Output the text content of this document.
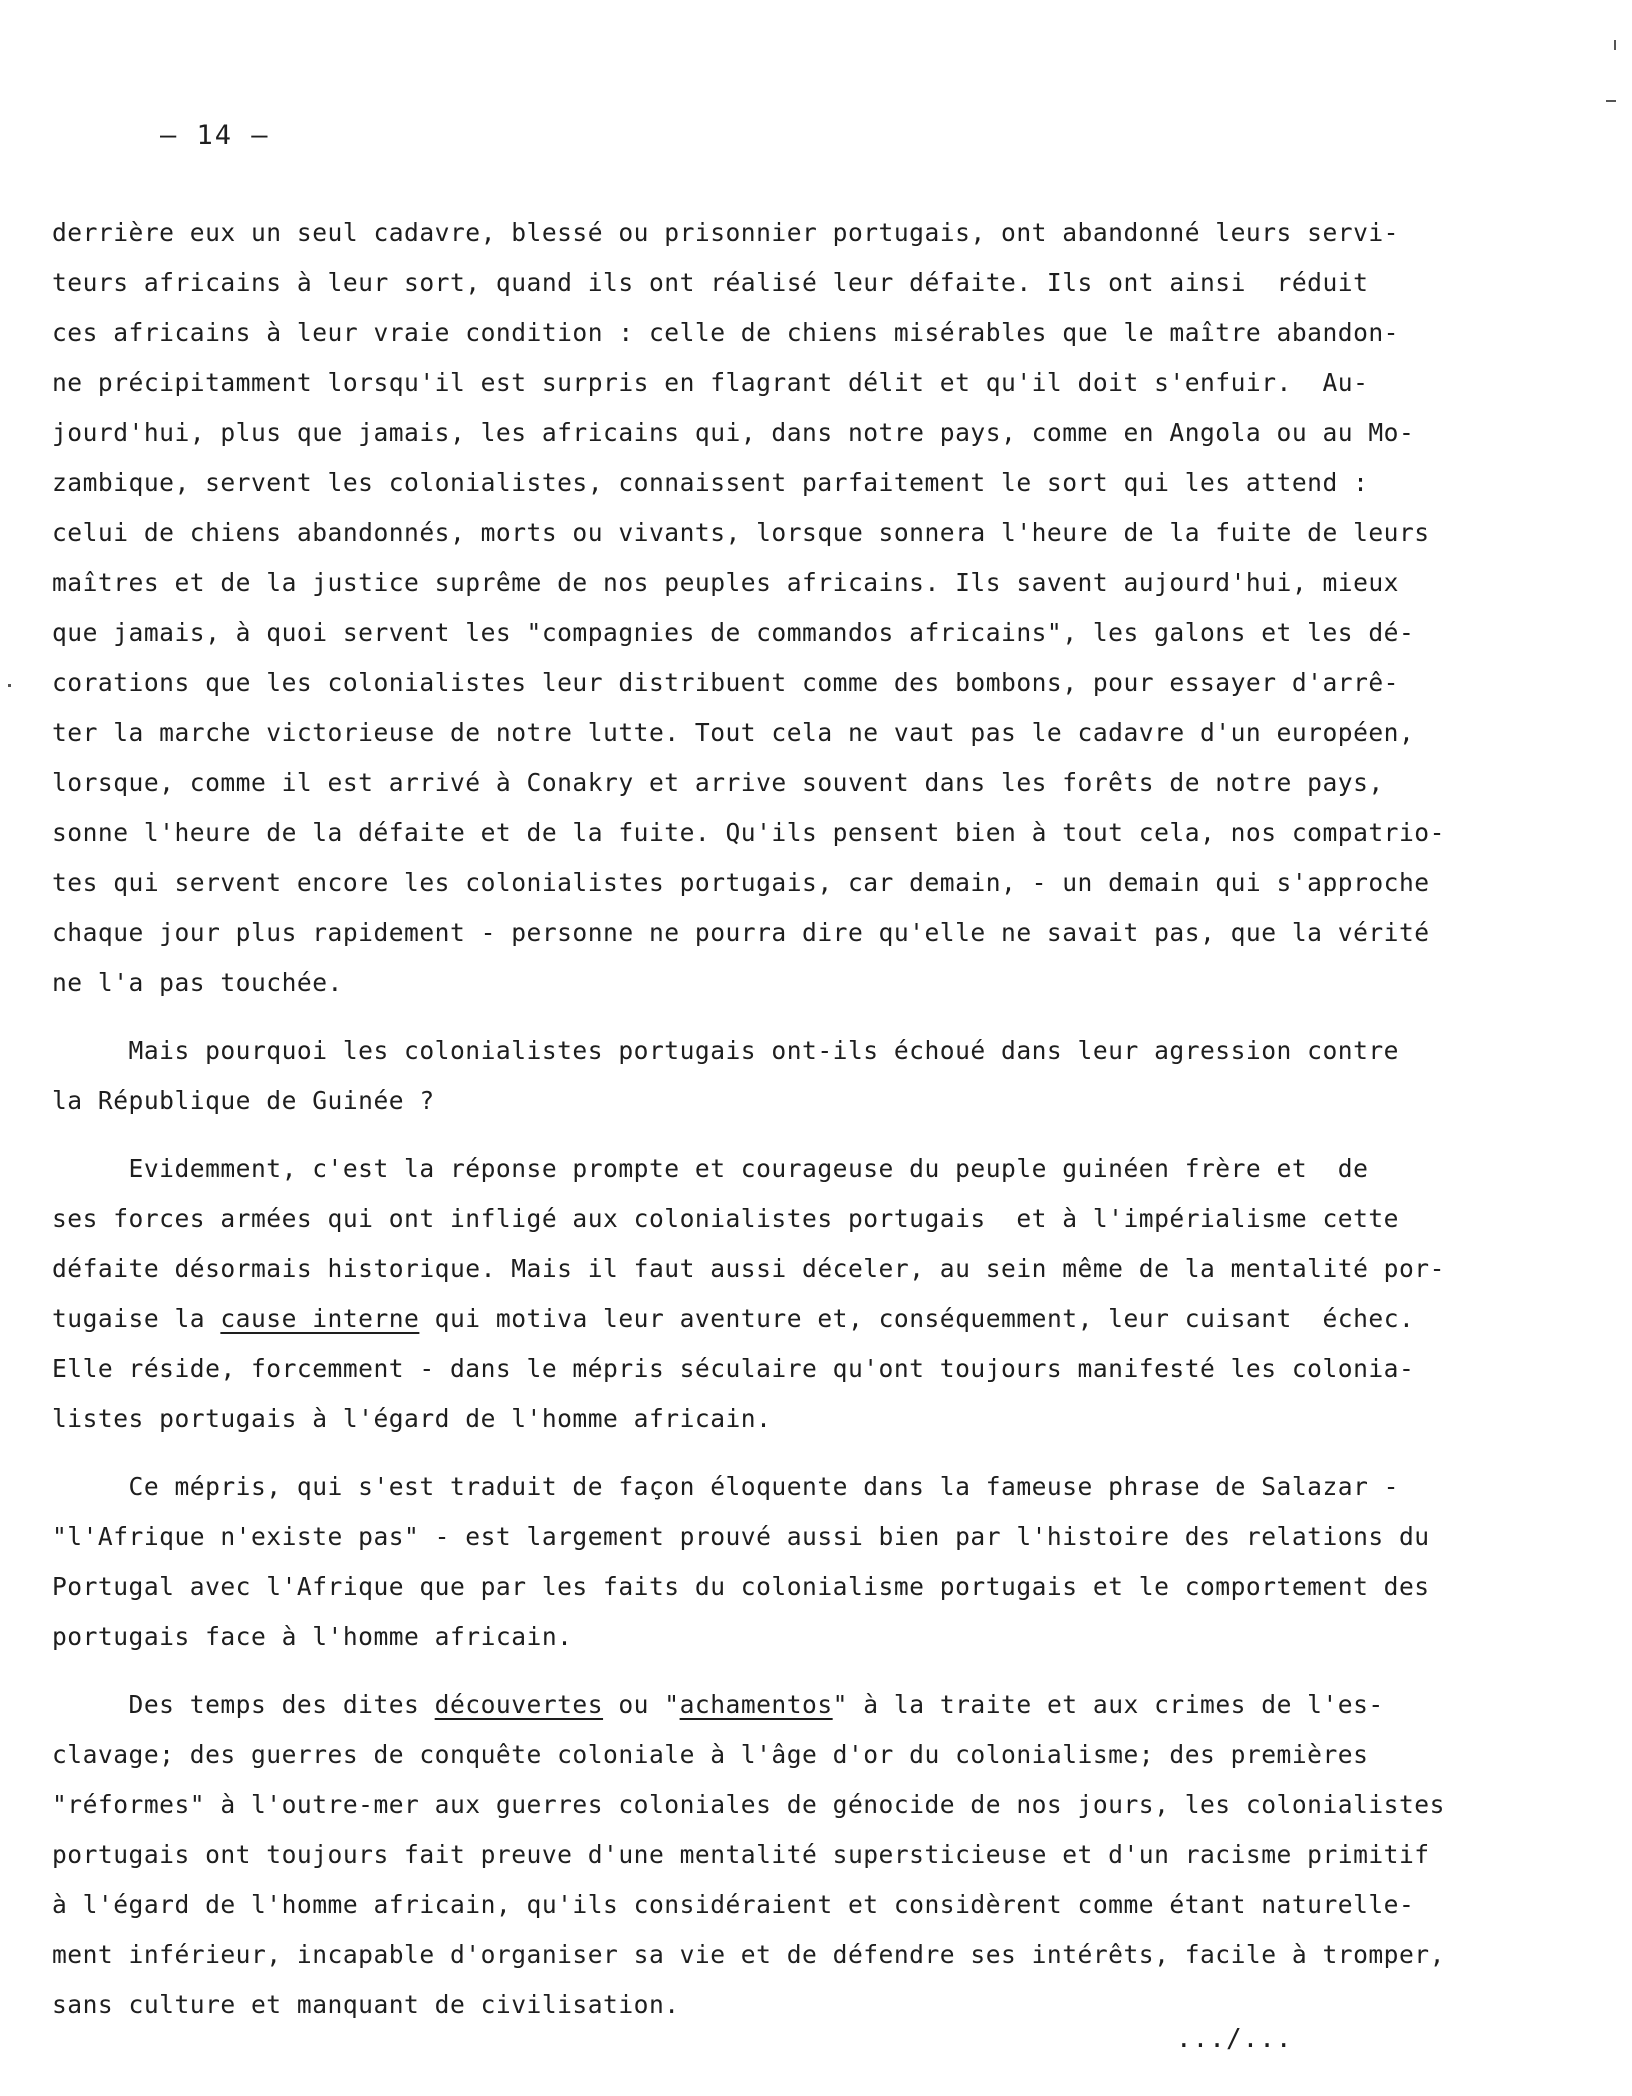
– 14 –
derrière eux un seul cadavre, blessé ou prisonnier portugais, ont abandonné leurs servi-
teurs africains à leur sort, quand ils ont réalisé leur défaite. Ils ont ainsi  réduit
ces africains à leur vraie condition : celle de chiens misérables que le maître abandon-
ne précipitamment lorsqu'il est surpris en flagrant délit et qu'il doit s'enfuir.  Au-
jourd'hui, plus que jamais, les africains qui, dans notre pays, comme en Angola ou au Mo-
zambique, servent les colonialistes, connaissent parfaitement le sort qui les attend :
celui de chiens abandonnés, morts ou vivants, lorsque sonnera l'heure de la fuite de leurs
maîtres et de la justice suprême de nos peuples africains. Ils savent aujourd'hui, mieux
que jamais, à quoi servent les "compagnies de commandos africains", les galons et les dé-
corations que les colonialistes leur distribuent comme des bombons, pour essayer d'arrê-
ter la marche victorieuse de notre lutte. Tout cela ne vaut pas le cadavre d'un européen,
lorsque, comme il est arrivé à Conakry et arrive souvent dans les forêts de notre pays,
sonne l'heure de la défaite et de la fuite. Qu'ils pensent bien à tout cela, nos compatrio-
tes qui servent encore les colonialistes portugais, car demain, - un demain qui s'approche
chaque jour plus rapidement - personne ne pourra dire qu'elle ne savait pas, que la vérité
ne l'a pas touchée.
Mais pourquoi les colonialistes portugais ont-ils échoué dans leur agression contre
la République de Guinée ?
Evidemment, c'est la réponse prompte et courageuse du peuple guinéen frère et  de
ses forces armées qui ont infligé aux colonialistes portugais  et à l'impérialisme cette
défaite désormais historique. Mais il faut aussi déceler, au sein même de la mentalité por-
tugaise la cause interne qui motiva leur aventure et, conséquemment, leur cuisant  échec.
Elle réside, forcemment - dans le mépris séculaire qu'ont toujours manifesté les colonia-
listes portugais à l'égard de l'homme africain.
Ce mépris, qui s'est traduit de façon éloquente dans la fameuse phrase de Salazar -
"l'Afrique n'existe pas" - est largement prouvé aussi bien par l'histoire des relations du
Portugal avec l'Afrique que par les faits du colonialisme portugais et le comportement des
portugais face à l'homme africain.
Des temps des dites découvertes ou "achamentos" à la traite et aux crimes de l'es-
clavage; des guerres de conquête coloniale à l'âge d'or du colonialisme; des premières
"réformes" à l'outre-mer aux guerres coloniales de génocide de nos jours, les colonialistes
portugais ont toujours fait preuve d'une mentalité supersticieuse et d'un racisme primitif
à l'égard de l'homme africain, qu'ils considéraient et considèrent comme étant naturelle-
ment inférieur, incapable d'organiser sa vie et de défendre ses intérêts, facile à tromper,
sans culture et manquant de civilisation.
.../...
